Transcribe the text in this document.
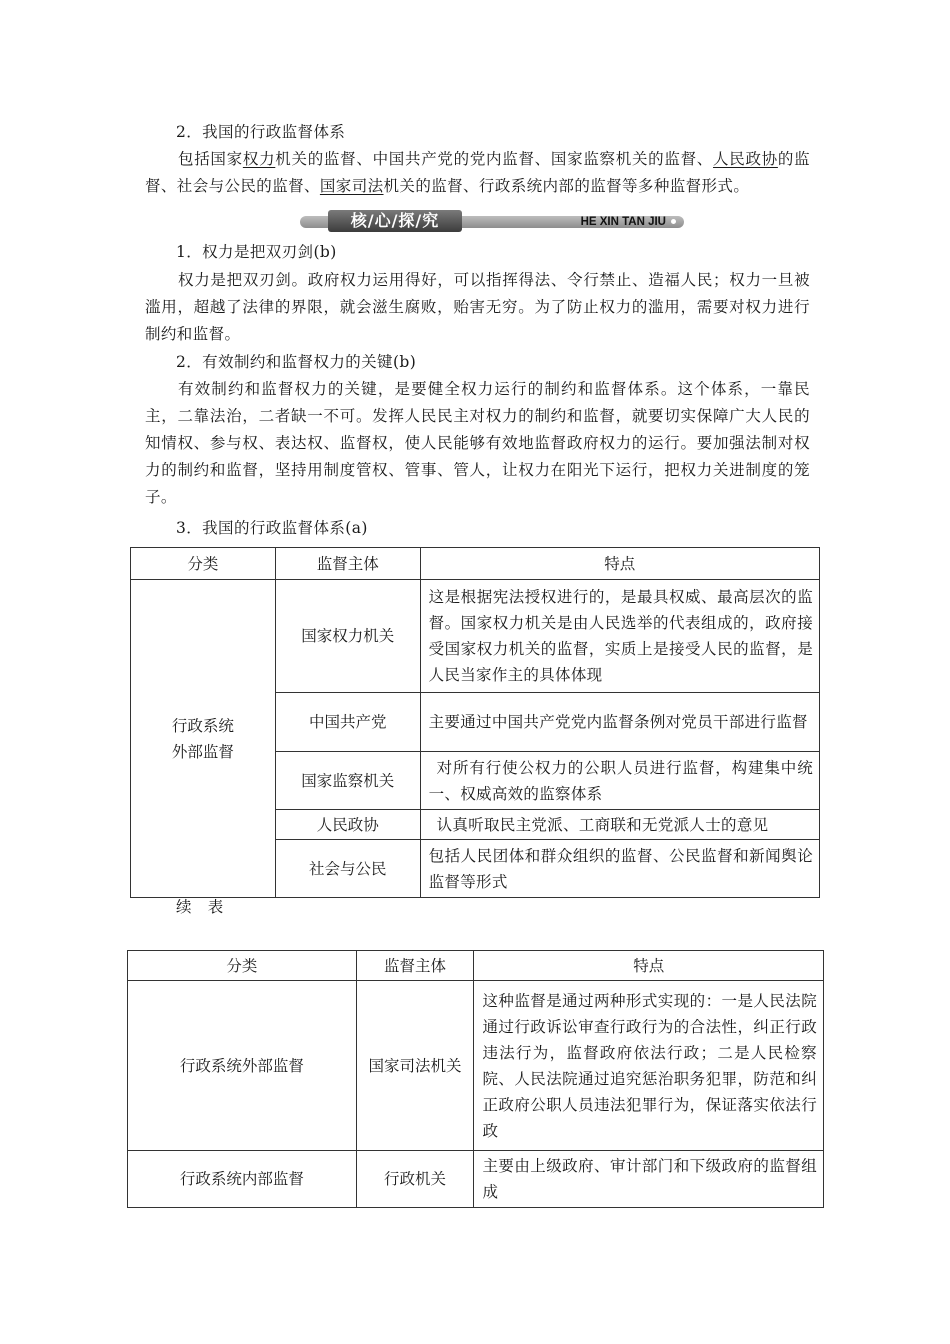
2．我国的行政监督体系
包括国家权力机关的监督、中国共产党的党内监督、国家监察机关的监督、人民政协的监督、社会与公民的监督、国家司法机关的监督、行政系统内部的监督等多种监督形式。
核/心/探/究	HE XIN TAN JIU
1．权力是把双刃剑(b)
权力是把双刃剑。政府权力运用得好，可以指挥得法、令行禁止、造福人民；权力一旦被滥用，超越了法律的界限，就会滋生腐败，贻害无穷。为了防止权力的滥用，需要对权力进行制约和监督。
2．有效制约和监督权力的关键(b)
有效制约和监督权力的关键，是要健全权力运行的制约和监督体系。这个体系，一靠民主，二靠法治，二者缺一不可。发挥人民民主对权力的制约和监督，就要切实保障广大人民的知情权、参与权、表达权、监督权，使人民能够有效地监督政府权力的运行。要加强法制对权力的制约和监督，坚持用制度管权、管事、管人，让权力在阳光下运行，把权力关进制度的笼子。
3．我国的行政监督体系(a)
分类	监督主体	特点
行政系统外部监督	国家权力机关	这是根据宪法授权进行的，是最具权威、最高层次的监督。国家权力机关是由人民选举的代表组成的，政府接受国家权力机关的监督，实质上是接受人民的监督，是人民当家作主的具体体现
	中国共产党	主要通过中国共产党党内监督条例对党员干部进行监督
	国家监察机关	对所有行使公权力的公职人员进行监督，构建集中统一、权威高效的监察体系
	人民政协	认真听取民主党派、工商联和无党派人士的意见
	社会与公民	包括人民团体和群众组织的监督、公民监督和新闻舆论监督等形式
续　表
分类	监督主体	特点
行政系统外部监督	国家司法机关	这种监督是通过两种形式实现的：一是人民法院通过行政诉讼审查行政行为的合法性，纠正行政违法行为，监督政府依法行政；二是人民检察院、人民法院通过追究惩治职务犯罪，防范和纠正政府公职人员违法犯罪行为，保证落实依法行政
行政系统内部监督	行政机关	主要由上级政府、审计部门和下级政府的监督组成
